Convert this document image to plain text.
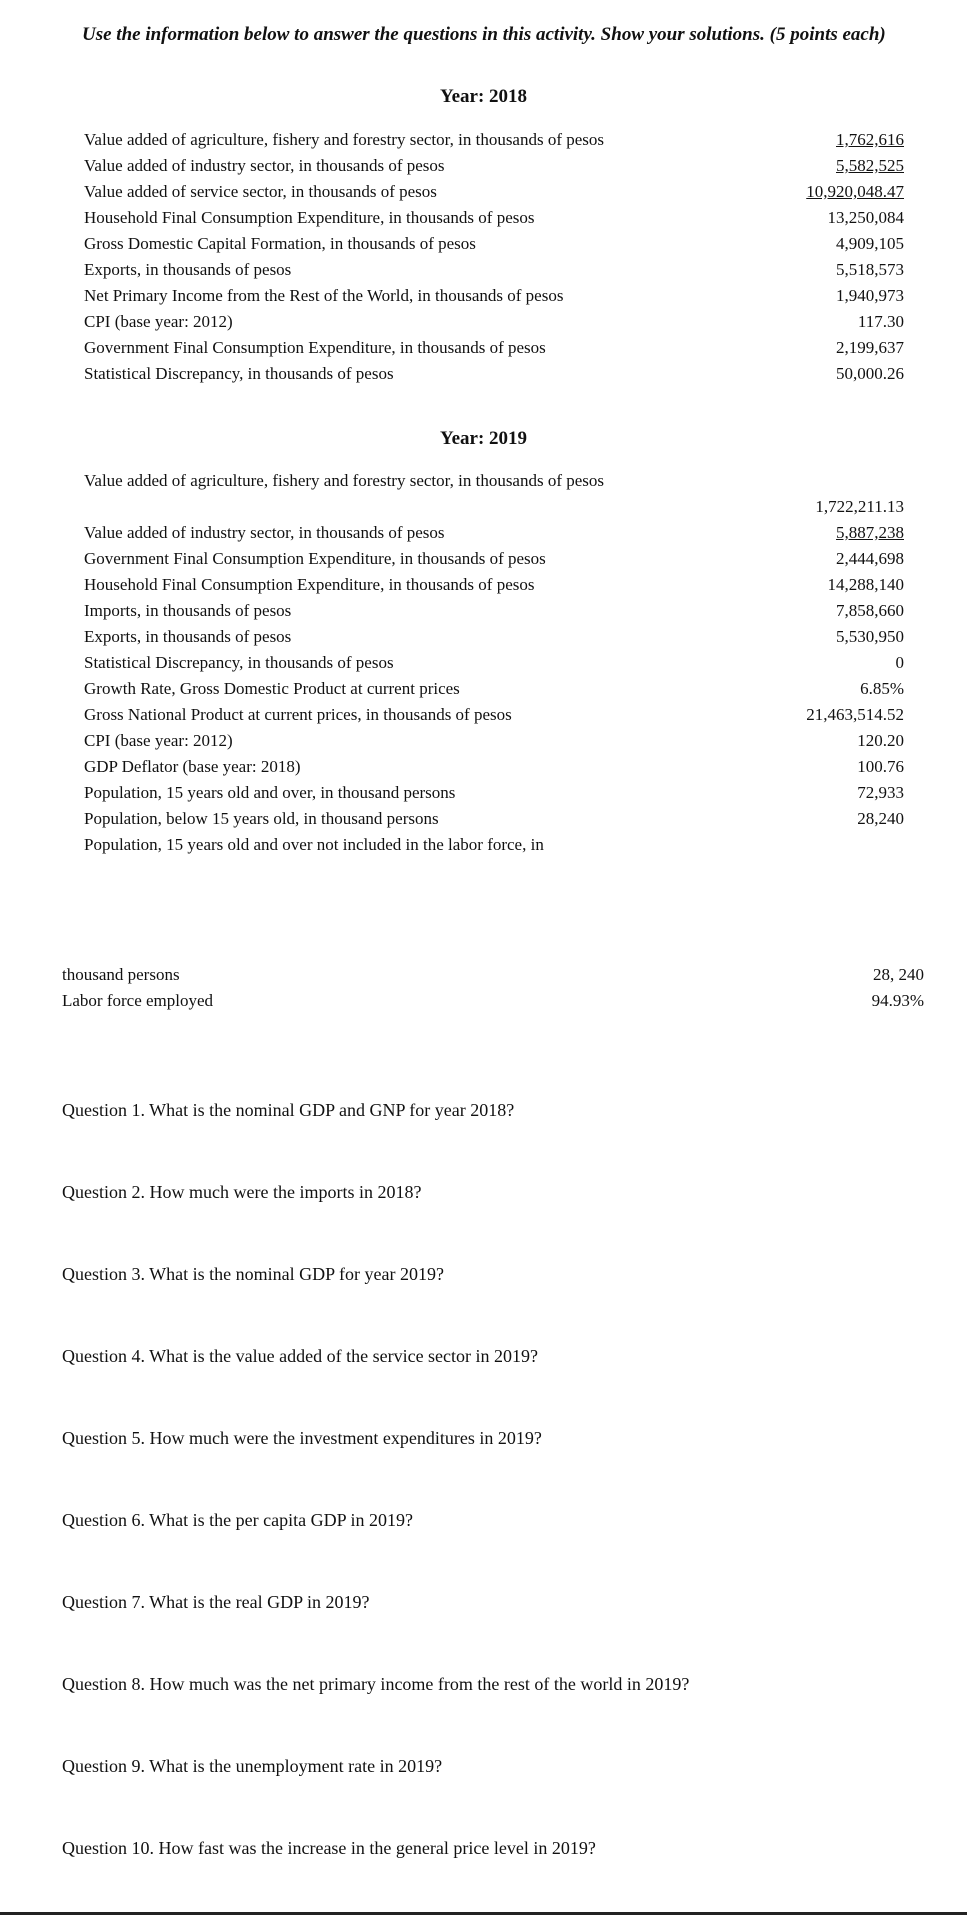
Use the information below to answer the questions in this activity. Show your solutions. (5 points each)
Year: 2018
Value added of agriculture, fishery and forestry sector, in thousands of pesos	1,762,616
Value added of industry sector, in thousands of pesos	5,582,525
Value added of service sector, in thousands of pesos	10,920,048.47
Household Final Consumption Expenditure, in thousands of pesos	13,250,084
Gross Domestic Capital Formation, in thousands of pesos	4,909,105
Exports, in thousands of pesos	5,518,573
Net Primary Income from the Rest of the World, in thousands of pesos	1,940,973
CPI (base year: 2012)	117.30
Government Final Consumption Expenditure, in thousands of pesos	2,199,637
Statistical Discrepancy, in thousands of pesos	50,000.26
Year: 2019
Value added of agriculture, fishery and forestry sector, in thousands of pesos
1,722,211.13
Value added of industry sector, in thousands of pesos	5,887,238
Government Final Consumption Expenditure, in thousands of pesos	2,444,698
Household Final Consumption Expenditure, in thousands of pesos	14,288,140
Imports, in thousands of pesos	7,858,660
Exports, in thousands of pesos	5,530,950
Statistical Discrepancy, in thousands of pesos	0
Growth Rate, Gross Domestic Product at current prices	6.85%
Gross National Product at current prices, in thousands of pesos	21,463,514.52
CPI (base year: 2012)	120.20
GDP Deflator (base year: 2018)	100.76
Population, 15 years old and over, in thousand persons	72,933
Population, below 15 years old, in thousand persons	28,240
Population, 15 years old and over not included in the labor force, in
thousand persons	28, 240
Labor force employed	94.93%
Question 1. What is the nominal GDP and GNP for year 2018?
Question 2. How much were the imports in 2018?
Question 3. What is the nominal GDP for year 2019?
Question 4. What is the value added of the service sector in 2019?
Question 5. How much were the investment expenditures in 2019?
Question 6. What is the per capita GDP in 2019?
Question 7. What is the real GDP in 2019?
Question 8. How much was the net primary income from the rest of the world in 2019?
Question 9. What is the unemployment rate in 2019?
Question 10. How fast was the increase in the general price level in 2019?
